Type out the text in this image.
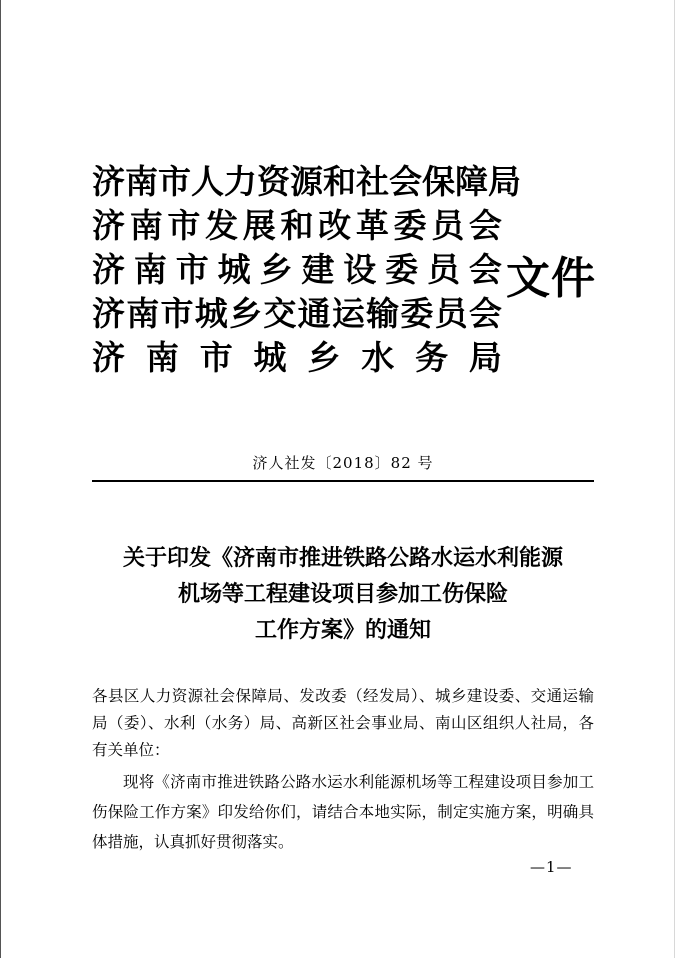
济 南 市 人 力 资 源 和 社 会 保 障 局
济 南 市 发 展 和 改 革 委 员 会
济 南 市 城 乡 建 设 委 员 会
济 南 市 城 乡 交 通 运 输 委 员 会
济 南 市 城 乡 水 务 局
文件
济人社发〔2018〕82 号
关于印发《济南市推进铁路公路水运水利能源
机场等工程建设项目参加工伤保险
工作方案》的通知
各县区人力资源社会保障局、发改委（经发局）、城乡建设委、交通运输局（委）、水利（水务）局、高新区社会事业局、南山区组织人社局，各有关单位：
现将《济南市推进铁路公路水运水利能源机场等工程建设项目参加工伤保险工作方案》印发给你们，请结合本地实际，制定实施方案，明确具体措施，认真抓好贯彻落实。
—1—
